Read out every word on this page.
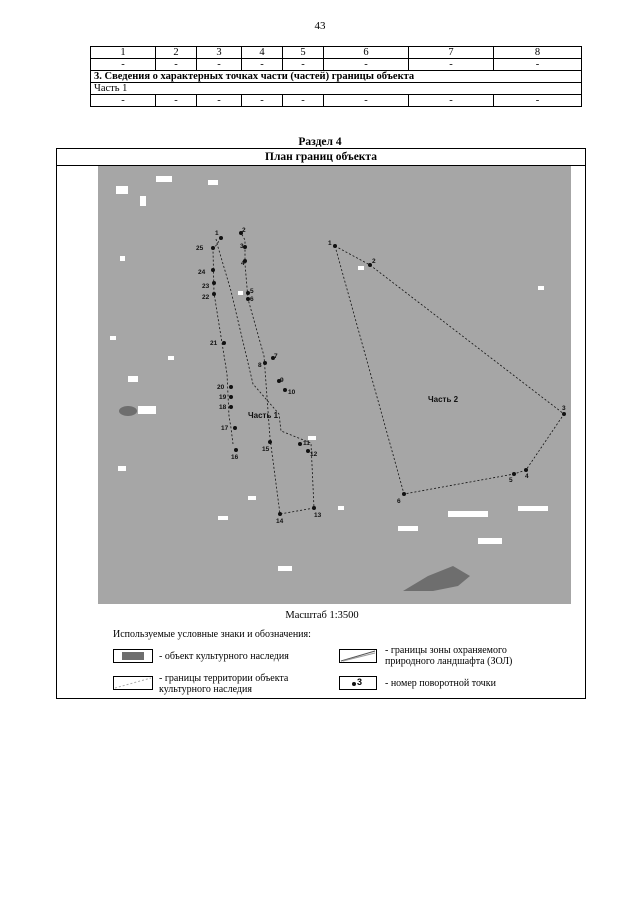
43
1	2	3	4	5	6	7	8
-	-	-	-	-	-	-	-
3. Сведения о характерных точках части (частей) границы объекта							
Часть 1							
-	-	-	-	-	-	-	-
Раздел 4
План границ объекта
1	2
3
4
5
6
7
8
9
10
11
12
13
14
15
16
17
18
19
20
21
22
23
24
25
1
2
3
4
5
6
Часть 1
Часть 2
Масштаб 1:3500
Используемые условные знаки и обозначения:
- объект культурного наследия
- границы зоны охраняемого
природного ландшафта (ЗОЛ)
- границы территории объекта
культурного наследия
3 - номер поворотной точки
